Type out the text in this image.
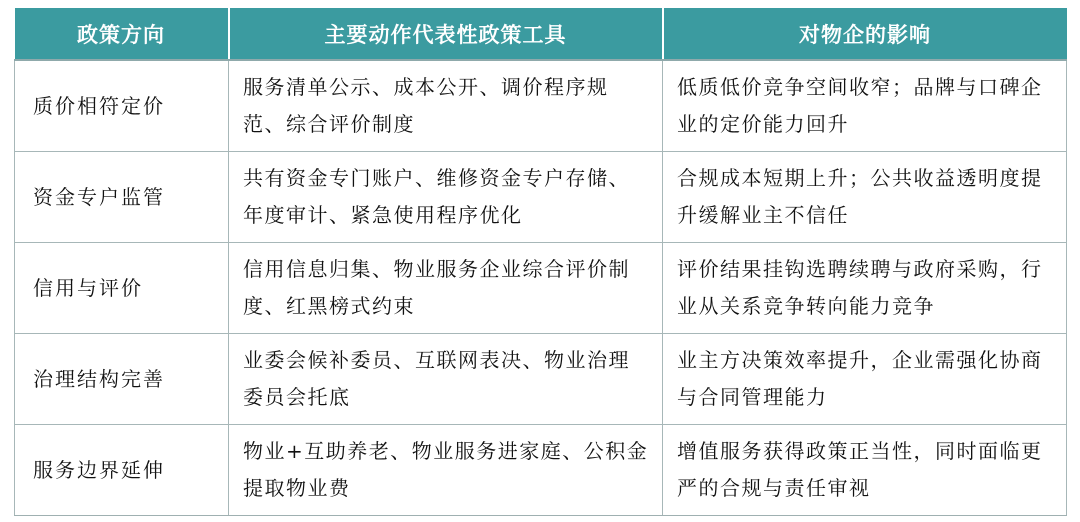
政策方向	主要动作代表性政策工具	对物企的影响
质价相符定价	服务清单公示、成本公开、调价程序规范、综合评价制度	低质低价竞争空间收窄；品牌与口碑企业的定价能力回升
资金专户监管	共有资金专门账户、维修资金专户存储、年度审计、紧急使用程序优化	合规成本短期上升；公共收益透明度提升缓解业主不信任
信用与评价	信用信息归集、物业服务企业综合评价制度、红黑榜式约束	评价结果挂钩选聘续聘与政府采购，行业从关系竞争转向能力竞争
治理结构完善	业委会候补委员、互联网表决、物业治理委员会托底	业主方决策效率提升，企业需强化协商与合同管理能力
服务边界延伸	物业+互助养老、物业服务进家庭、公积金提取物业费	增值服务获得政策正当性，同时面临更严的合规与责任审视
